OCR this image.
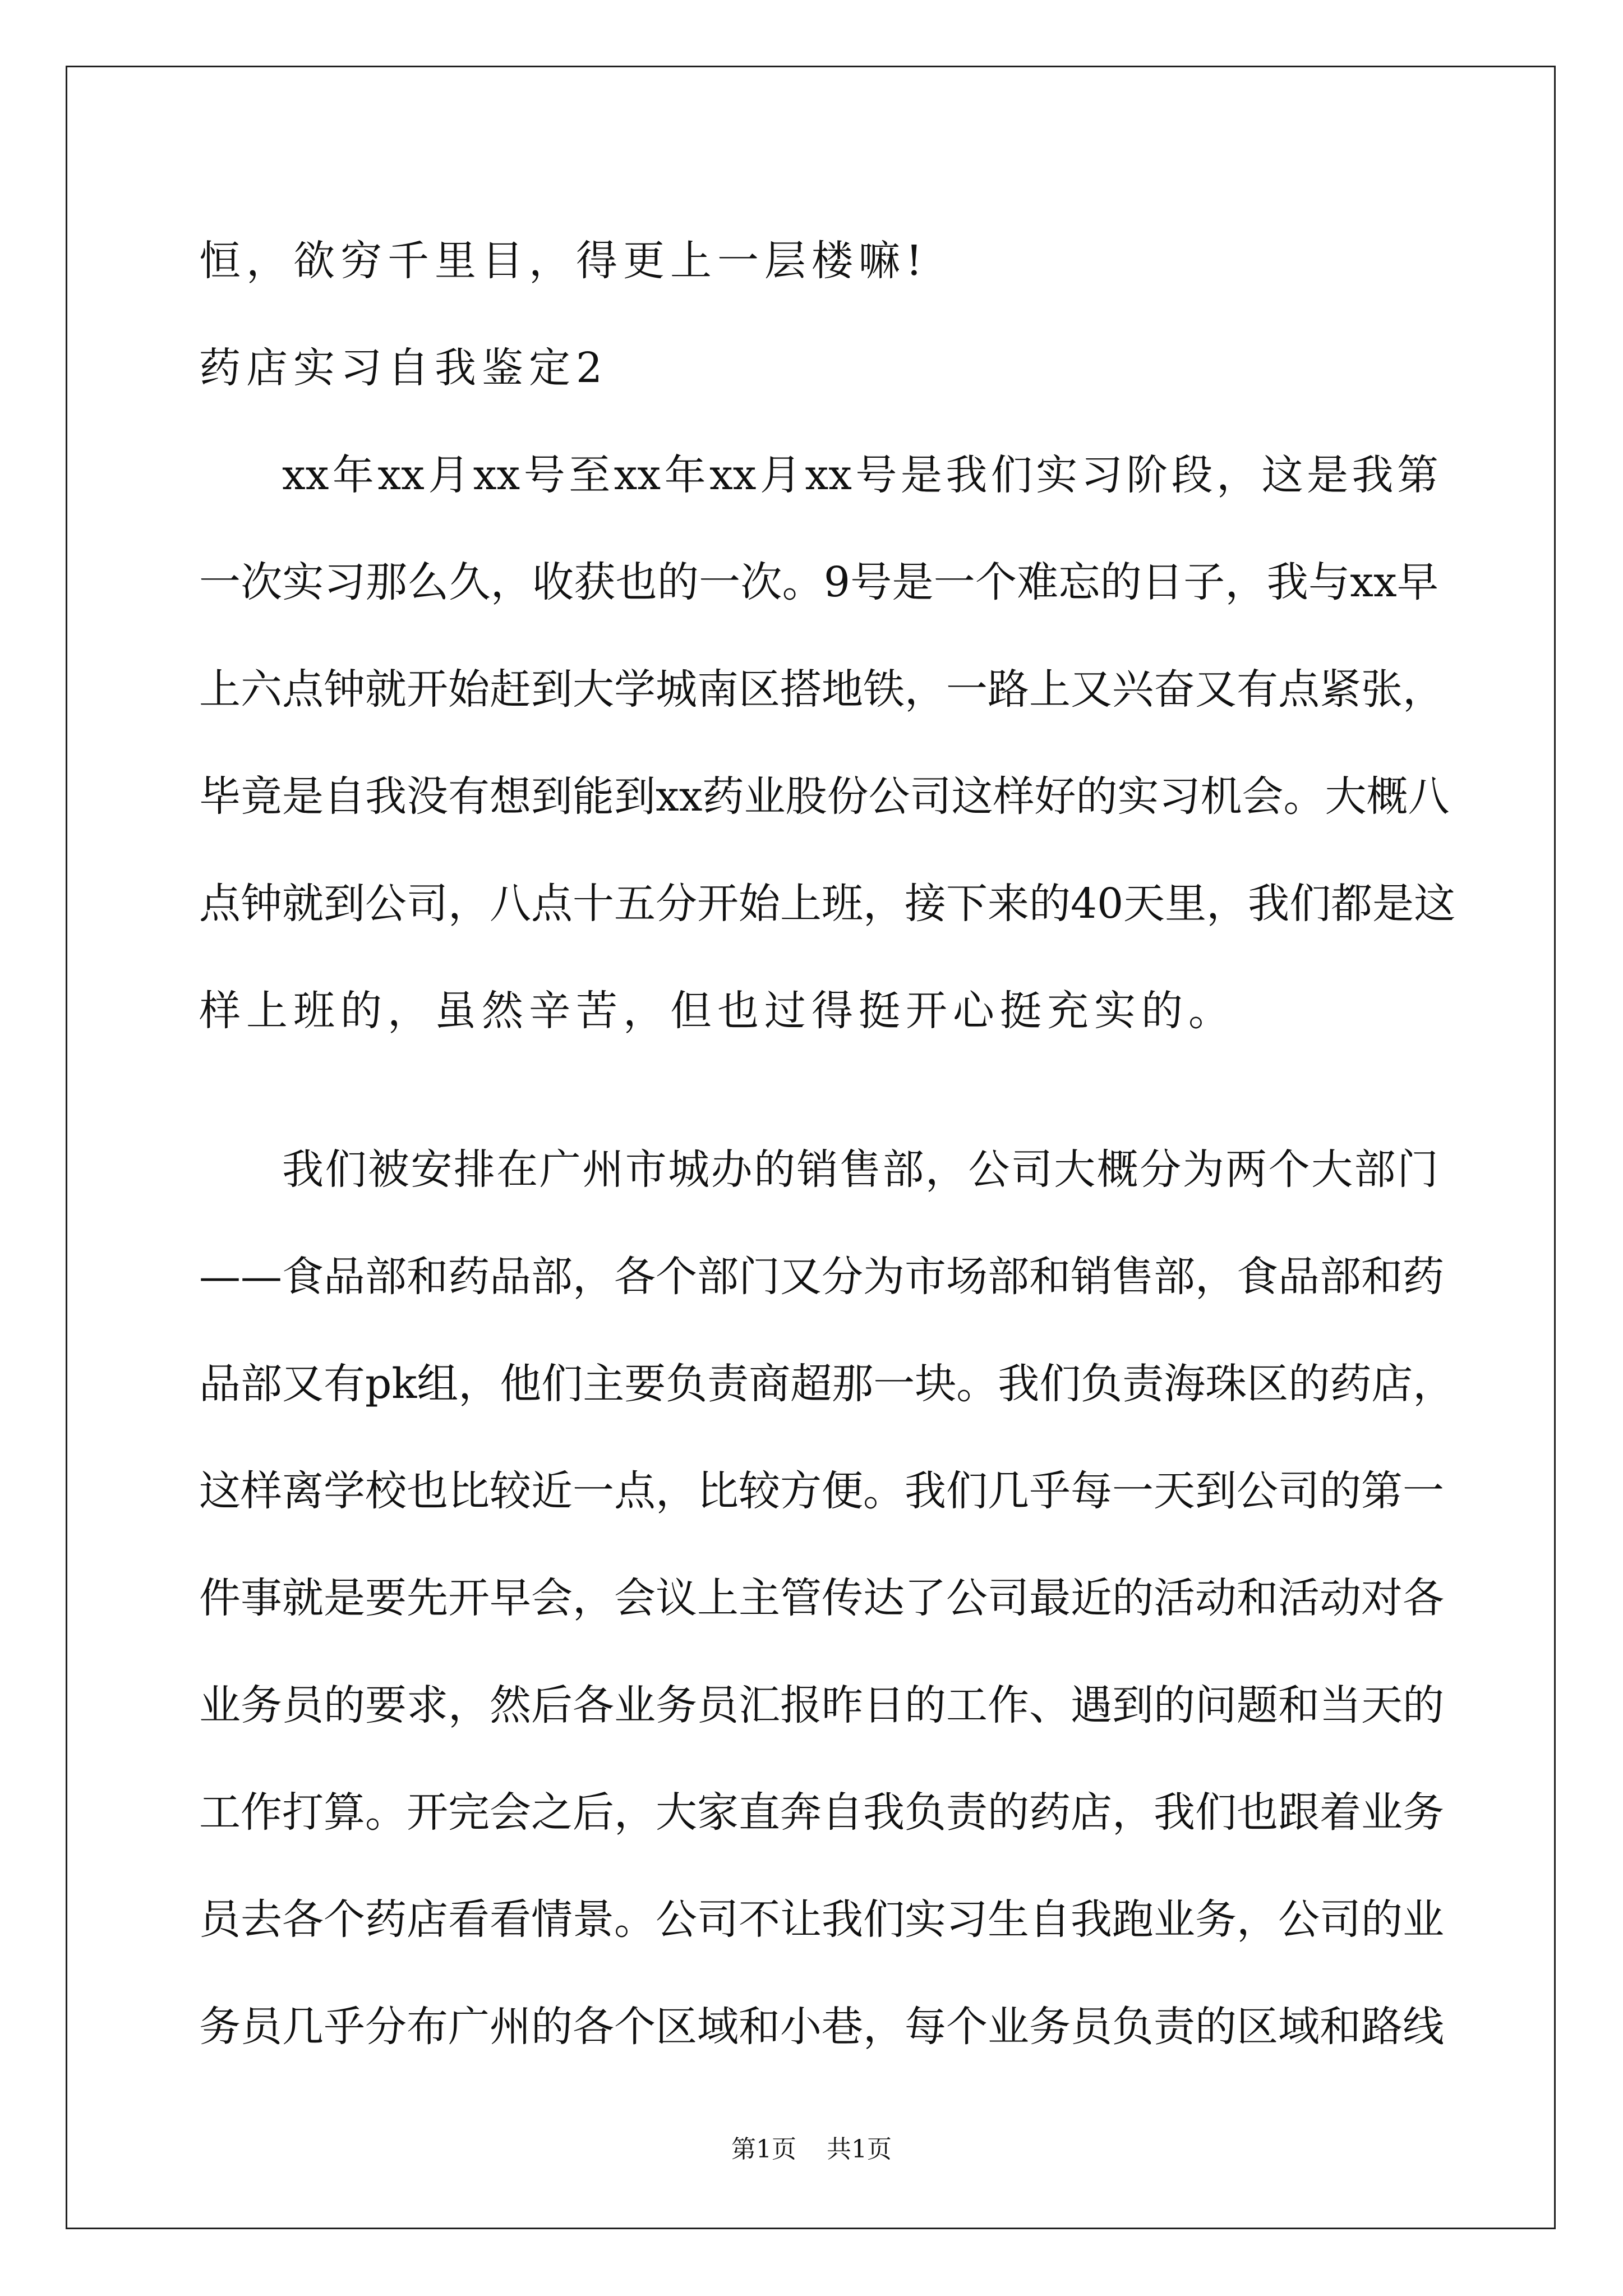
恒，欲穷千里目，得更上一层楼嘛!
药店实习自我鉴定2
xx年xx月xx号至xx年xx月xx号是我们实习阶段，这是我第
一次实习那么久，收获也的一次。9号是一个难忘的日子，我与xx早
上六点钟就开始赶到大学城南区搭地铁，一路上又兴奋又有点紧张，
毕竟是自我没有想到能到xx药业股份公司这样好的实习机会。大概八
点钟就到公司，八点十五分开始上班，接下来的40天里，我们都是这
样上班的，虽然辛苦，但也过得挺开心挺充实的。
我们被安排在广州市城办的销售部，公司大概分为两个大部门
——食品部和药品部，各个部门又分为市场部和销售部，食品部和药
品部又有pk组，他们主要负责商超那一块。我们负责海珠区的药店，
这样离学校也比较近一点，比较方便。我们几乎每一天到公司的第一
件事就是要先开早会，会议上主管传达了公司最近的活动和活动对各
业务员的要求，然后各业务员汇报昨日的工作、遇到的问题和当天的
工作打算。开完会之后，大家直奔自我负责的药店，我们也跟着业务
员去各个药店看看情景。公司不让我们实习生自我跑业务，公司的业
务员几乎分布广州的各个区域和小巷，每个业务员负责的区域和路线
第1页 共1页
